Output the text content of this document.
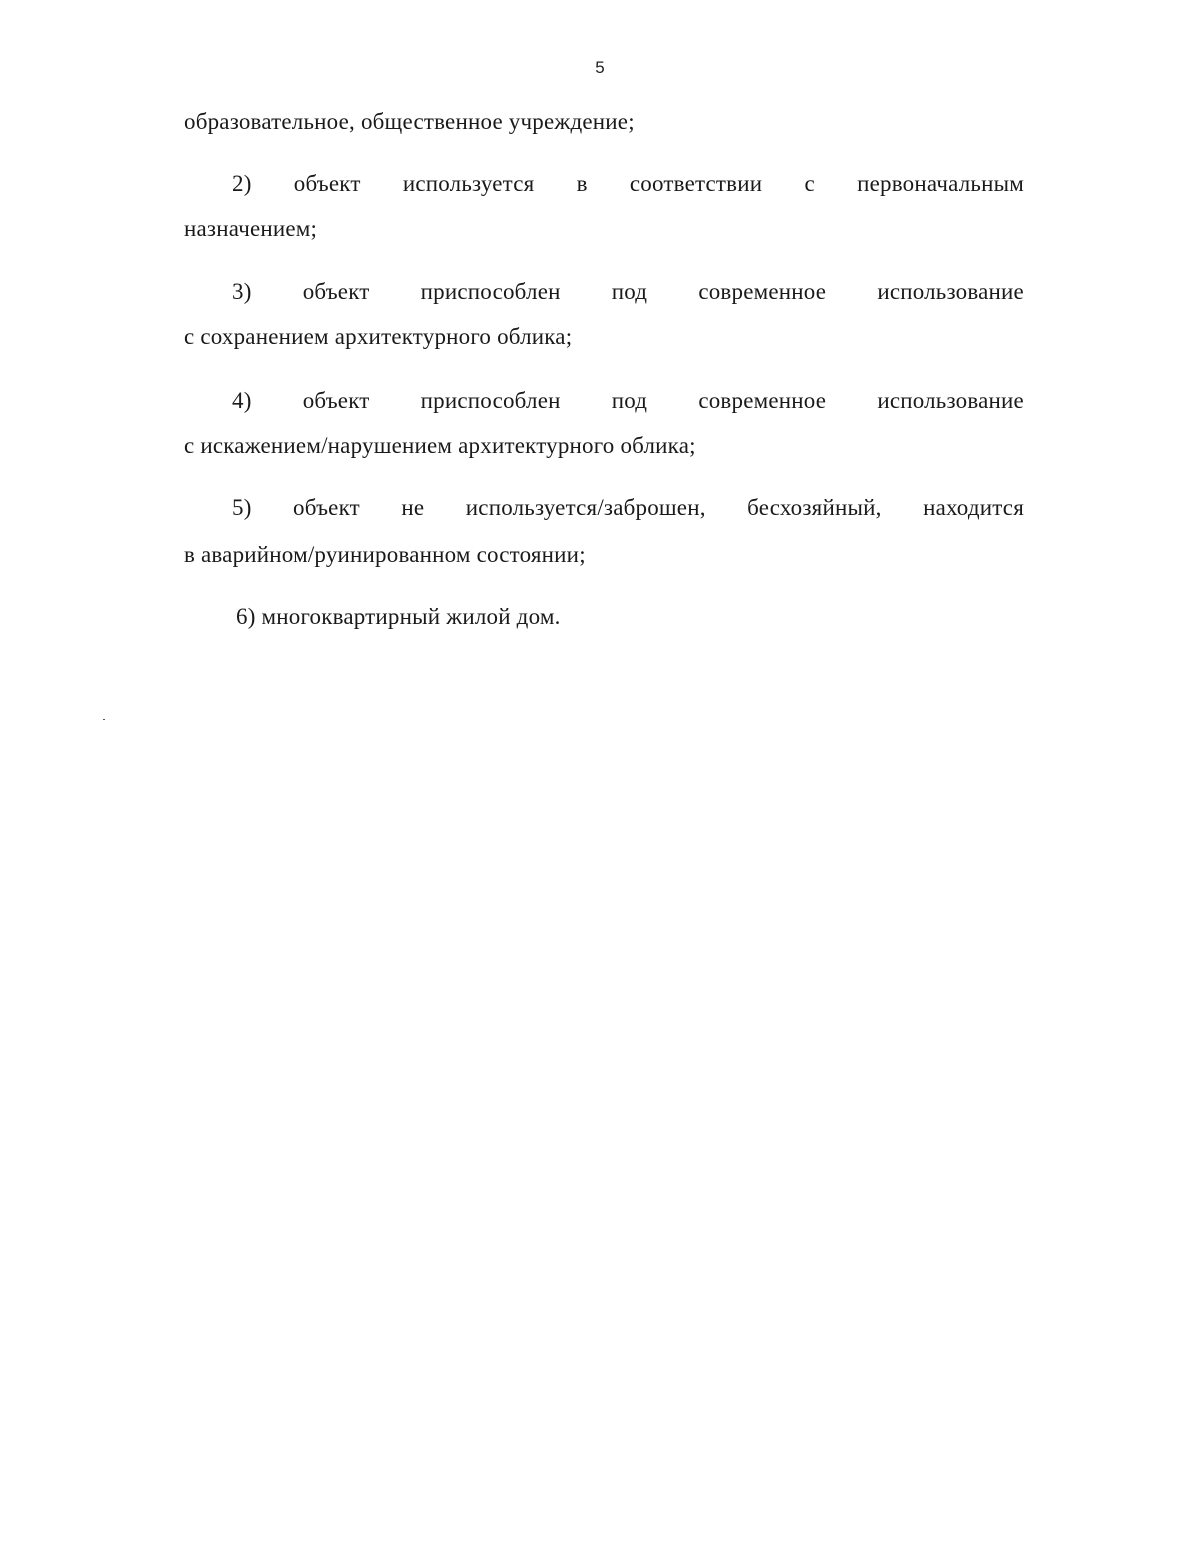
5
образовательное, общественное учреждение;
2) объект используется в соответствии с первоначальным
назначением;
3) объект приспособлен под современное использование
с сохранением архитектурного облика;
4) объект приспособлен под современное использование
с искажением/нарушением архитектурного облика;
5) объект не используется/заброшен, бесхозяйный, находится
в аварийном/руинированном состоянии;
6) многоквартирный жилой дом.
